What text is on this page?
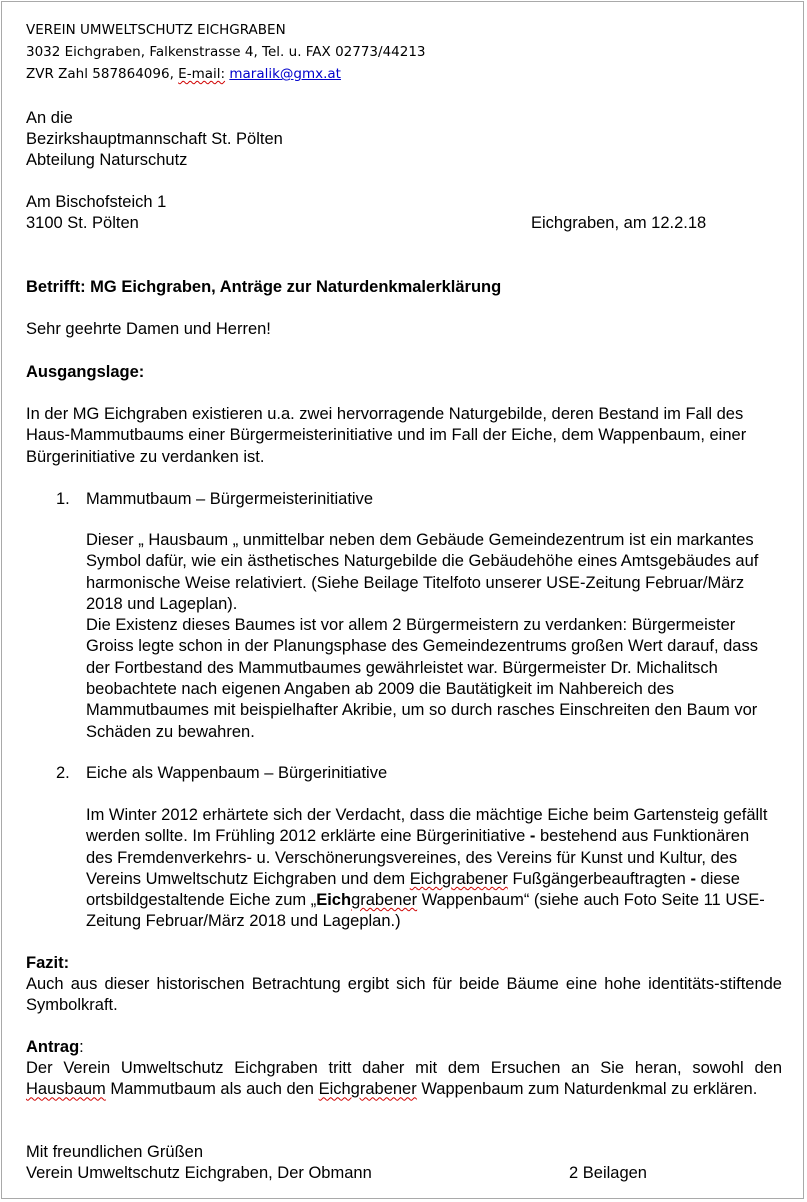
VEREIN UMWELTSCHUTZ EICHGRABEN
3032 Eichgraben, Falkenstrasse 4, Tel. u. FAX 02773/44213
ZVR Zahl 587864096, E-mail: maralik@gmx.at
An die
Bezirkshauptmannschaft St. Pölten
Abteilung Naturschutz
Am Bischofsteich 1
3100 St. Pölten	Eichgraben, am 12.2.18
Betrifft: MG Eichgraben, Anträge zur Naturdenkmalerklärung
Sehr geehrte Damen und Herren!
Ausgangslage:
In der MG Eichgraben existieren u.a. zwei hervorragende Naturgebilde, deren Bestand im Fall des Haus-Mammutbaums einer Bürgermeisterinitiative und im Fall der Eiche, dem Wappenbaum, einer Bürgerinitiative zu verdanken ist.
1. Mammutbaum – Bürgermeisterinitiative
Dieser „ Hausbaum „ unmittelbar neben dem Gebäude Gemeindezentrum ist ein markantes Symbol dafür, wie ein ästhetisches Naturgebilde die Gebäudehöhe eines Amtsgebäudes auf harmonische Weise relativiert. (Siehe Beilage Titelfoto unserer USE-Zeitung Februar/März 2018 und Lageplan).
Die Existenz dieses Baumes ist vor allem 2 Bürgermeistern zu verdanken: Bürgermeister Groiss legte schon in der Planungsphase des Gemeindezentrums großen Wert darauf, dass der Fortbestand des Mammutbaumes gewährleistet war. Bürgermeister Dr. Michalitsch beobachtete nach eigenen Angaben ab 2009 die Bautätigkeit im Nahbereich des Mammutbaumes mit beispielhafter Akribie, um so durch rasches Einschreiten den Baum vor Schäden zu bewahren.
2. Eiche als Wappenbaum – Bürgerinitiative
Im Winter 2012 erhärtete sich der Verdacht, dass die mächtige Eiche beim Gartensteig gefällt werden sollte. Im Frühling 2012 erklärte eine Bürgerinitiative - bestehend aus Funktionären des Fremdenverkehrs- u. Verschönerungsvereines, des Vereins für Kunst und Kultur, des Vereins Umweltschutz Eichgraben und dem Eichgrabener Fußgängerbeauftragten - diese ortsbildgestaltende Eiche zum „Eichgrabener Wappenbaum“ (siehe auch Foto Seite 11 USE-Zeitung Februar/März 2018 und Lageplan.)
Fazit:
Auch aus dieser historischen Betrachtung ergibt sich für beide Bäume eine hohe identitäts-stiftende Symbolkraft.
Antrag:
Der Verein Umweltschutz Eichgraben tritt daher mit dem Ersuchen an Sie heran, sowohl den Hausbaum Mammutbaum als auch den Eichgrabener Wappenbaum zum Naturdenkmal zu erklären.
Mit freundlichen Grüßen
Verein Umweltschutz Eichgraben, Der Obmann	2 Beilagen
